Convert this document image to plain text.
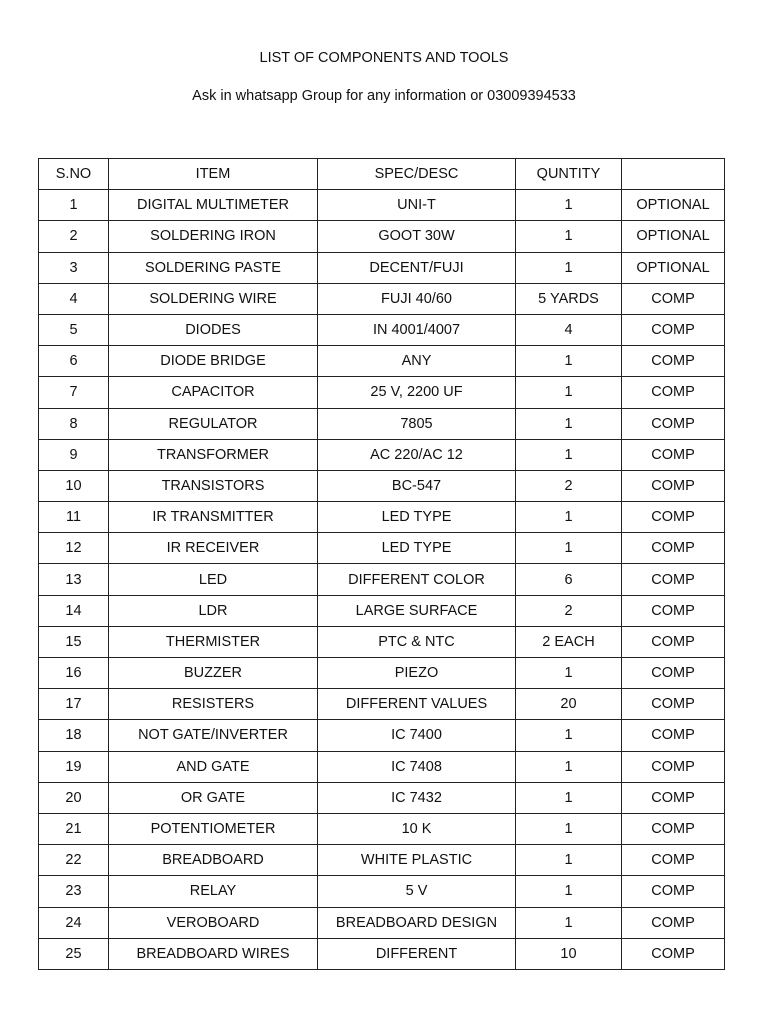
LIST OF COMPONENTS AND TOOLS
Ask in whatsapp Group for any information or 03009394533
S.NO	ITEM	SPEC/DESC	QUNTITY	
1	DIGITAL MULTIMETER	UNI-T	1	OPTIONAL
2	SOLDERING IRON	GOOT 30W	1	OPTIONAL
3	SOLDERING PASTE	DECENT/FUJI	1	OPTIONAL
4	SOLDERING WIRE	FUJI 40/60	5 YARDS	COMP
5	DIODES	IN 4001/4007	4	COMP
6	DIODE BRIDGE	ANY	1	COMP
7	CAPACITOR	25 V, 2200 UF	1	COMP
8	REGULATOR	7805	1	COMP
9	TRANSFORMER	AC 220/AC 12	1	COMP
10	TRANSISTORS	BC-547	2	COMP
11	IR TRANSMITTER	LED TYPE	1	COMP
12	IR RECEIVER	LED TYPE	1	COMP
13	LED	DIFFERENT COLOR	6	COMP
14	LDR	LARGE SURFACE	2	COMP
15	THERMISTER	PTC & NTC	2 EACH	COMP
16	BUZZER	PIEZO	1	COMP
17	RESISTERS	DIFFERENT VALUES	20	COMP
18	NOT GATE/INVERTER	IC 7400	1	COMP
19	AND GATE	IC 7408	1	COMP
20	OR GATE	IC 7432	1	COMP
21	POTENTIOMETER	10 K	1	COMP
22	BREADBOARD	WHITE PLASTIC	1	COMP
23	RELAY	5 V	1	COMP
24	VEROBOARD	BREADBOARD DESIGN	1	COMP
25	BREADBOARD WIRES	DIFFERENT	10	COMP
